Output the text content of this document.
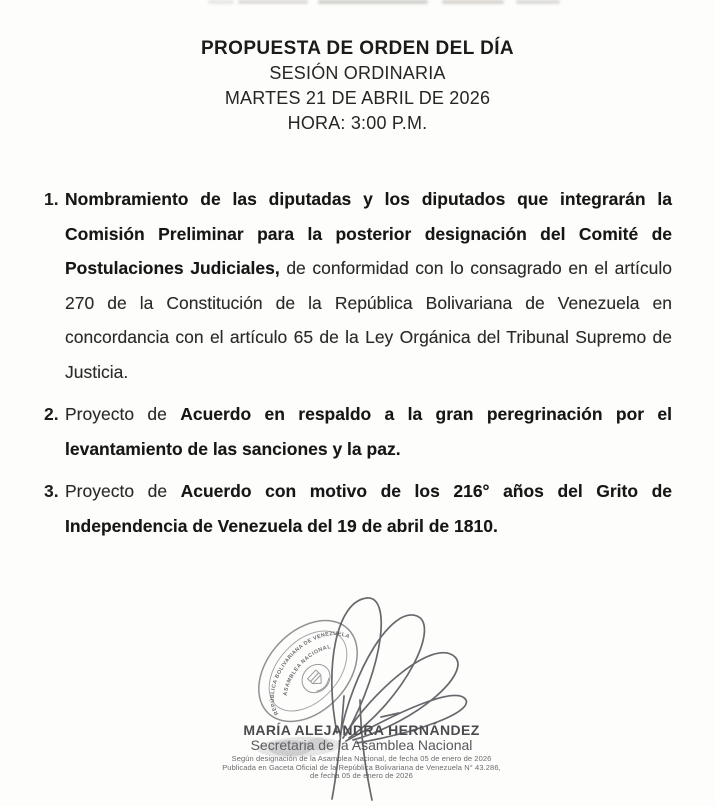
PROPUESTA DE ORDEN DEL DÍA
SESIÓN ORDINARIA
MARTES 21 DE ABRIL DE 2026
HORA: 3:00 P.M.
1. Nombramiento de las diputadas y los diputados que integrarán la Comisión Preliminar para la posterior designación del Comité de Postulaciones Judiciales, de conformidad con lo consagrado en el artículo 270 de la Constitución de la República Bolivariana de Venezuela en concordancia con el artículo 65 de la Ley Orgánica del Tribunal Supremo de Justicia.

2. Proyecto de Acuerdo en respaldo a la gran peregrinación por el levantamiento de las sanciones y la paz.

3. Proyecto de Acuerdo con motivo de los 216° años del Grito de Independencia de Venezuela del 19 de abril de 1810.

MARÍA ALEJANDRA HERNÁNDEZ
Secretaria de la Asamblea Nacional
Según designación de la Asamblea Nacional, de fecha 05 de enero de 2026
Publicada en Gaceta Oficial de la República Bolivariana de Venezuela N° 43.286,
de fecha 05 de enero de 2026
REPÚBLICA BOLIVARIANA DE VENEZUELA
ASAMBLEA NACIONAL
